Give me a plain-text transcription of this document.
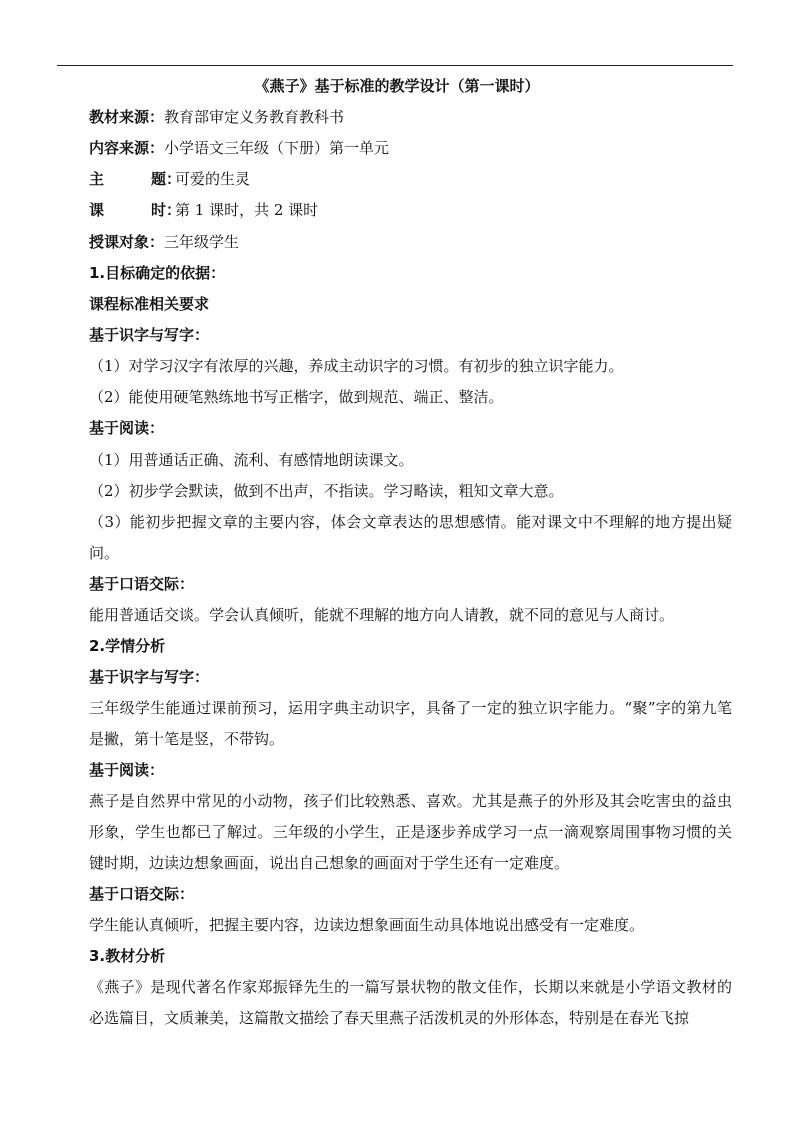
《燕子》基于标准的教学设计（第一课时）
教材来源：教育部审定义务教育教科书
内容来源：小学语文三年级（下册）第一单元
主	题：可爱的生灵
课	时：第 1 课时，共 2 课时
授课对象：三年级学生
1.目标确定的依据：
课程标准相关要求
基于识字与写字：
（1）对学习汉字有浓厚的兴趣，养成主动识字的习惯。有初步的独立识字能力。
（2）能使用硬笔熟练地书写正楷字，做到规范、端正、整洁。
基于阅读：
（1）用普通话正确、流利、有感情地朗读课文。
（2）初步学会默读，做到不出声，不指读。学习略读，粗知文章大意。
（3）能初步把握文章的主要内容，体会文章表达的思想感情。能对课文中不理解的地方提出疑问。
基于口语交际：
能用普通话交谈。学会认真倾听，能就不理解的地方向人请教，就不同的意见与人商讨。
2.学情分析
基于识字与写字：
三年级学生能通过课前预习，运用字典主动识字，具备了一定的独立识字能力。“聚”字的第九笔是撇，第十笔是竖，不带钩。
基于阅读：
燕子是自然界中常见的小动物，孩子们比较熟悉、喜欢。尤其是燕子的外形及其会吃害虫的益虫形象，学生也都已了解过。三年级的小学生，正是逐步养成学习一点一滴观察周围事物习惯的关键时期，边读边想象画面，说出自己想象的画面对于学生还有一定难度。
基于口语交际：
学生能认真倾听，把握主要内容，边读边想象画面生动具体地说出感受有一定难度。
3.教材分析
《燕子》是现代著名作家郑振铎先生的一篇写景状物的散文佳作，长期以来就是小学语文教材的必选篇目，文质兼美，这篇散文描绘了春天里燕子活泼机灵的外形体态，特别是在春光飞掠
